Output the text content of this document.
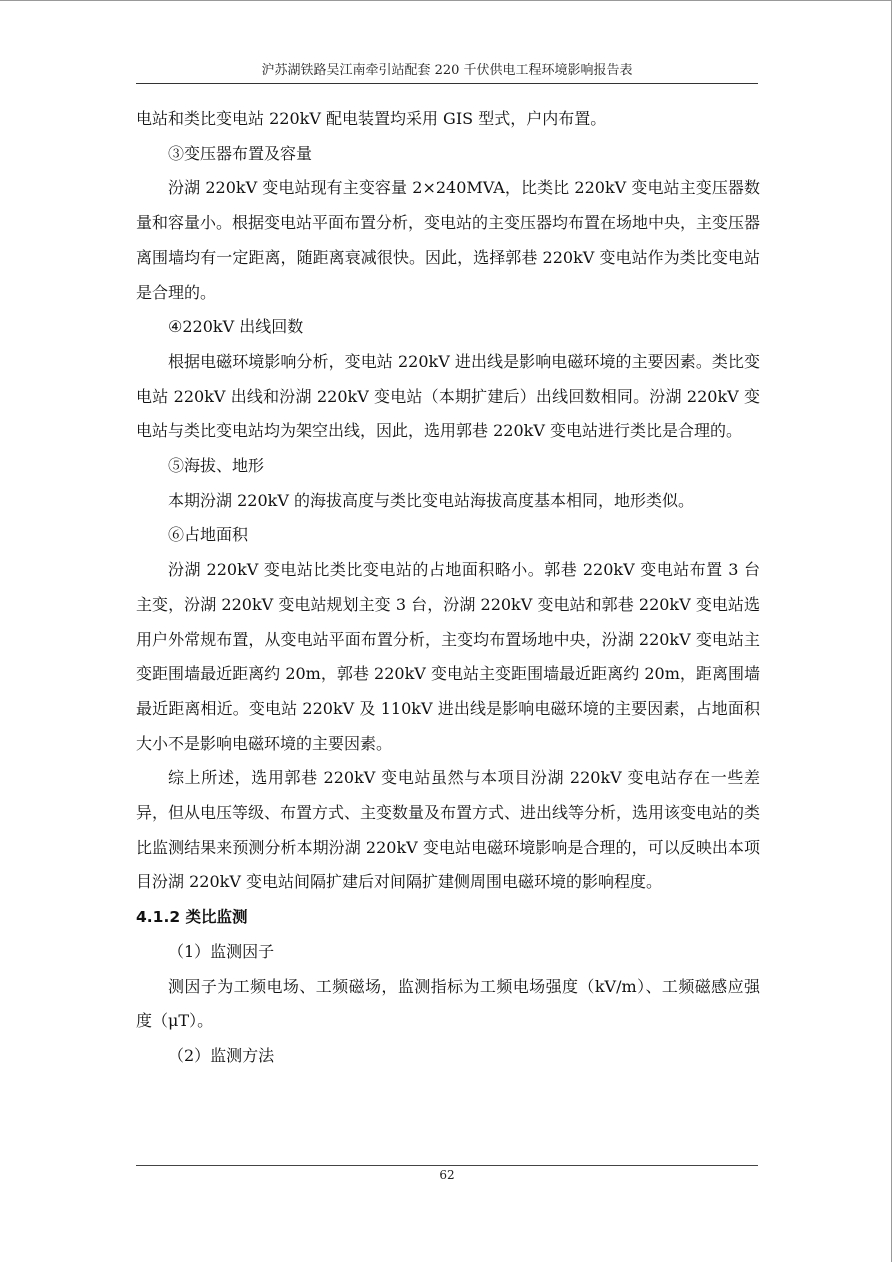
沪苏湖铁路吴江南牵引站配套 220 千伏供电工程环境影响报告表

电站和类比变电站 220kV 配电装置均采用 GIS 型式，户内布置。

③变压器布置及容量

汾湖 220kV 变电站现有主变容量 2×240MVA，比类比 220kV 变电站主变压器数量和容量小。根据变电站平面布置分析，变电站的主变压器均布置在场地中央，主变压器离围墙均有一定距离，随距离衰减很快。因此，选择郭巷 220kV 变电站作为类比变电站是合理的。

④220kV 出线回数

根据电磁环境影响分析，变电站 220kV 进出线是影响电磁环境的主要因素。类比变电站 220kV 出线和汾湖 220kV 变电站（本期扩建后）出线回数相同。汾湖 220kV 变电站与类比变电站均为架空出线，因此，选用郭巷 220kV 变电站进行类比是合理的。

⑤海拔、地形

本期汾湖 220kV 的海拔高度与类比变电站海拔高度基本相同，地形类似。

⑥占地面积

汾湖 220kV 变电站比类比变电站的占地面积略小。郭巷 220kV 变电站布置 3 台主变，汾湖 220kV 变电站规划主变 3 台，汾湖 220kV 变电站和郭巷 220kV 变电站选用户外常规布置，从变电站平面布置分析，主变均布置场地中央，汾湖 220kV 变电站主变距围墙最近距离约 20m，郭巷 220kV 变电站主变距围墙最近距离约 20m，距离围墙最近距离相近。变电站 220kV 及 110kV 进出线是影响电磁环境的主要因素，占地面积大小不是影响电磁环境的主要因素。

综上所述，选用郭巷 220kV 变电站虽然与本项目汾湖 220kV 变电站存在一些差异，但从电压等级、布置方式、主变数量及布置方式、进出线等分析，选用该变电站的类比监测结果来预测分析本期汾湖 220kV 变电站电磁环境影响是合理的，可以反映出本项目汾湖 220kV 变电站间隔扩建后对间隔扩建侧周围电磁环境的影响程度。

4.1.2 类比监测

（1）监测因子

测因子为工频电场、工频磁场，监测指标为工频电场强度（kV/m）、工频磁感应强度（μT）。

（2）监测方法

62
